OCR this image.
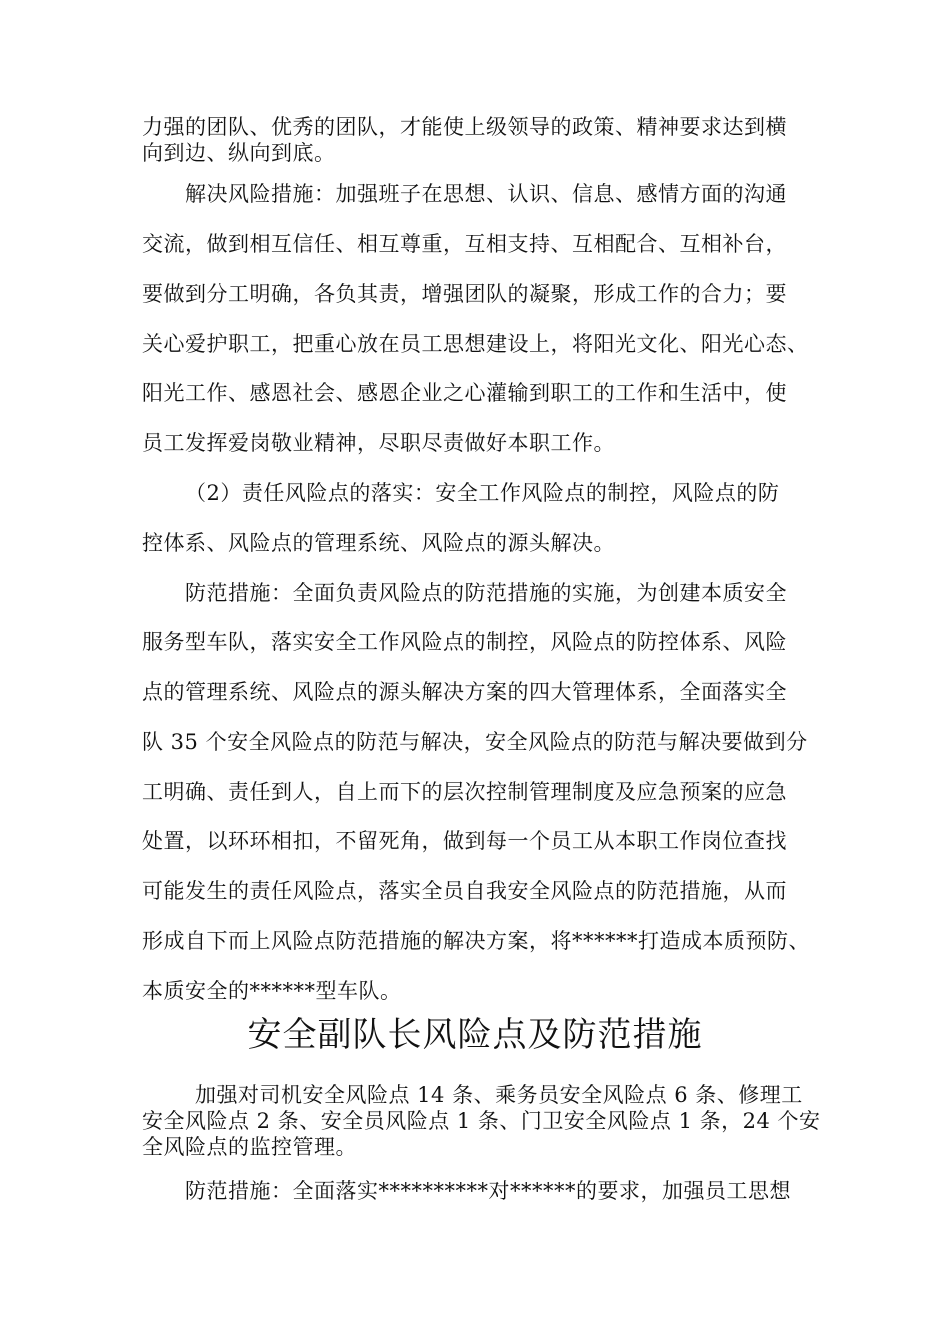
力强的团队、优秀的团队，才能使上级领导的政策、精神要求达到横
向到边、纵向到底。
解决风险措施：加强班子在思想、认识、信息、感情方面的沟通
交流，做到相互信任、相互尊重，互相支持、互相配合、互相补台，
要做到分工明确，各负其责，增强团队的凝聚，形成工作的合力；要
关心爱护职工，把重心放在员工思想建设上，将阳光文化、阳光心态、
阳光工作、感恩社会、感恩企业之心灌输到职工的工作和生活中，使
员工发挥爱岗敬业精神，尽职尽责做好本职工作。
（2）责任风险点的落实：安全工作风险点的制控，风险点的防
控体系、风险点的管理系统、风险点的源头解决。
防范措施：全面负责风险点的防范措施的实施，为创建本质安全
服务型车队，落实安全工作风险点的制控，风险点的防控体系、风险
点的管理系统、风险点的源头解决方案的四大管理体系，全面落实全
队 35 个安全风险点的防范与解决，安全风险点的防范与解决要做到分
工明确、责任到人，自上而下的层次控制管理制度及应急预案的应急
处置，以环环相扣，不留死角，做到每一个员工从本职工作岗位查找
可能发生的责任风险点，落实全员自我安全风险点的防范措施，从而
形成自下而上风险点防范措施的解决方案，将******打造成本质预防、
本质安全的******型车队。
安全副队长风险点及防范措施
加强对司机安全风险点 14 条、乘务员安全风险点 6 条、修理工
安全风险点 2 条、安全员风险点 1 条、门卫安全风险点 1 条，24 个安
全风险点的监控管理。
防范措施：全面落实**********对******的要求，加强员工思想
